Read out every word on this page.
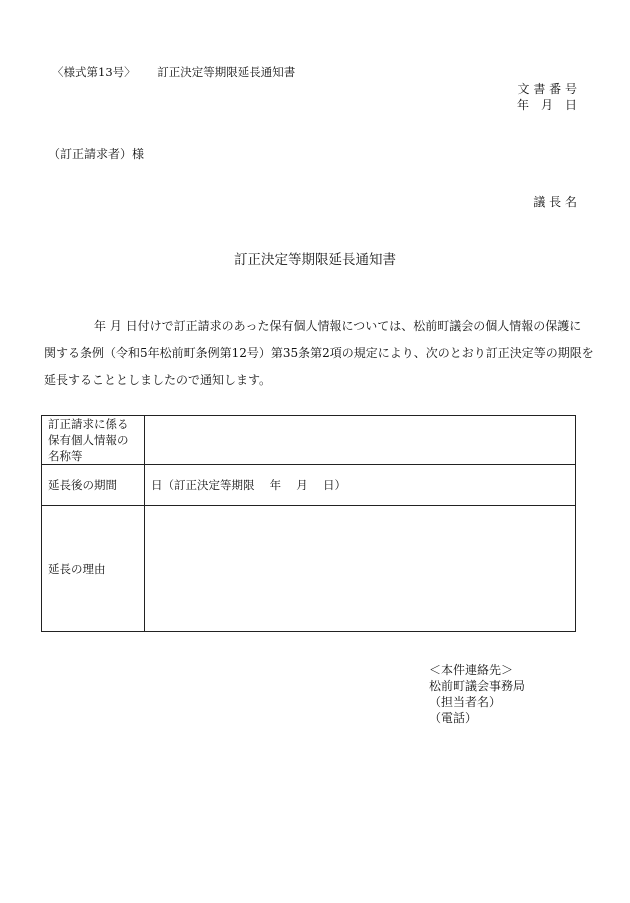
〈様式第13号〉 訂正決定等期限延長通知書
文 書 番 号
年　月　日
（訂正請求者）様
議 長 名
訂正決定等期限延長通知書

年 月 日付けで訂正請求のあった保有個人情報については、松前町議会の個人情報の保護に

関する条例（令和5年松前町条例第12号）第35条第2項の規定により、次のとおり訂正決定等の期限を

延長することとしましたので通知します。

訂正請求に係る
保有個人情報の
名称等	

延長後の期間	日（訂正決定等期限　 年　 月　 日）
延長の理由	
＜本件連絡先＞
松前町議会事務局
（担当者名）
（電話）
